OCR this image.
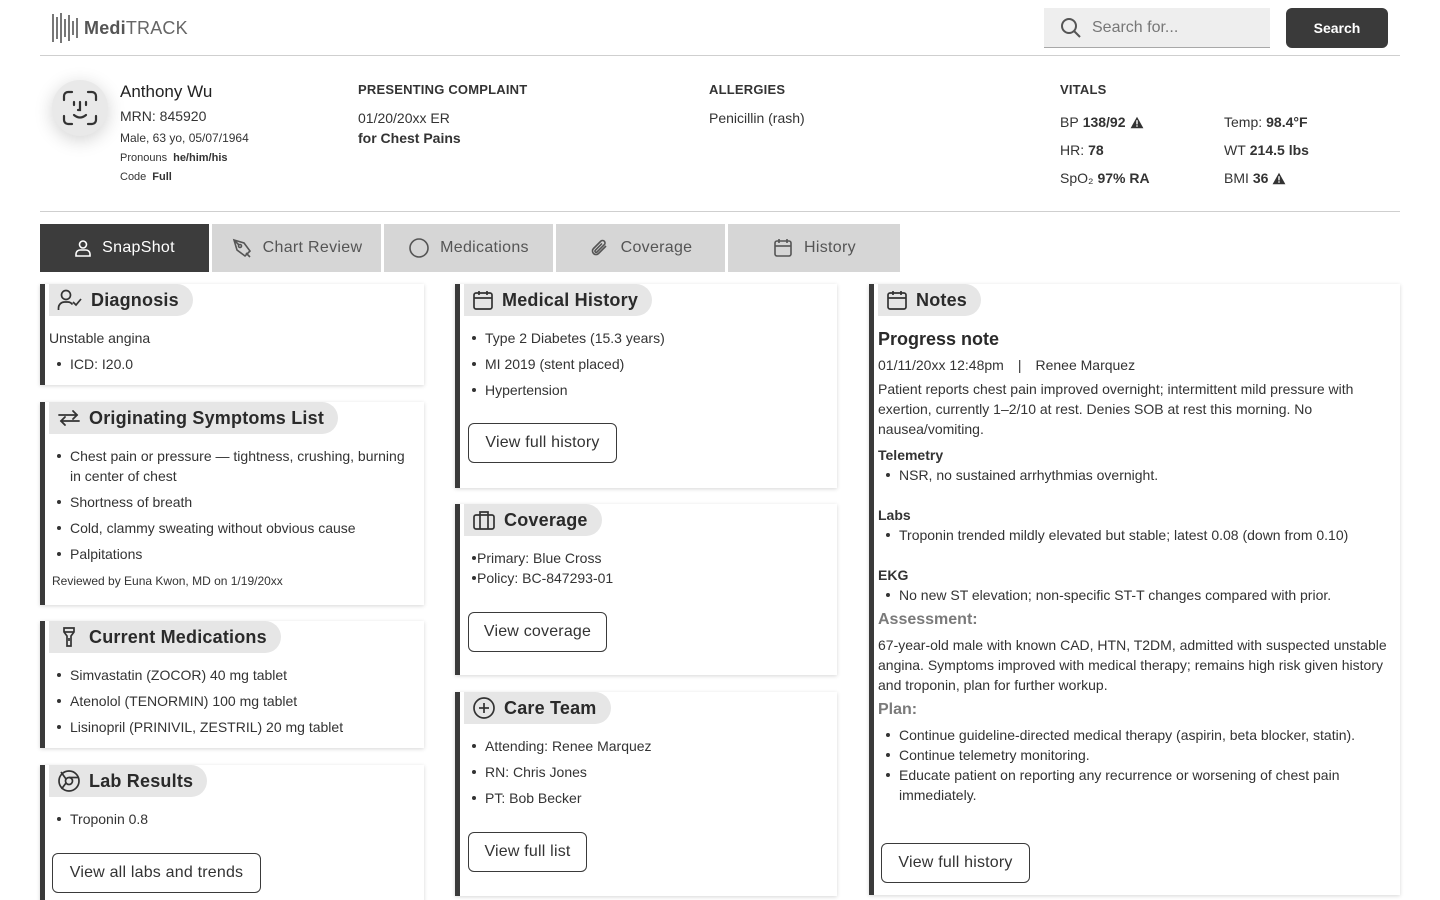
MediTRACK
Search for...	Search
Anthony Wu
MRN: 845920
Male, 63 yo, 05/07/1964
Pronouns he/him/his
Code Full
PRESENTING COMPLAINT
01/20/20xx ER
for Chest Pains
ALLERGIES
Penicillin (rash)
VITALS
BP 138/92	Temp: 98.4°F
HR: 78	WT 214.5 lbs
SpO₂ 97% RA	BMI 36
SnapShot	Chart Review	Medications	Coverage	History
Diagnosis
Unstable angina
ICD: I20.0
Originating Symptoms List
Chest pain or pressure — tightness, crushing, burning in center of chest
Shortness of breath
Cold, clammy sweating without obvious cause
Palpitations
Reviewed by Euna Kwon, MD on 1/19/20xx
Current Medications
Simvastatin (ZOCOR) 40 mg tablet
Atenolol (TENORMIN) 100 mg tablet
Lisinopril (PRINIVIL, ZESTRIL) 20 mg tablet
Lab Results
Troponin 0.8
View all labs and trends
Medical History
Type 2 Diabetes (15.3 years)
MI 2019 (stent placed)
Hypertension
View full history
Coverage
Primary: Blue Cross
Policy: BC-847293-01
View coverage
Care Team
Attending: Renee Marquez
RN: Chris Jones
PT: Bob Becker
View full list
Notes
Progress note
01/11/20xx 12:48pm | Renee Marquez
Patient reports chest pain improved overnight; intermittent mild pressure with exertion, currently 1–2/10 at rest. Denies SOB at rest this morning. No nausea/vomiting.
Telemetry
NSR, no sustained arrhythmias overnight.
Labs
Troponin trended mildly elevated but stable; latest 0.08 (down from 0.10)
EKG
No new ST elevation; non-specific ST-T changes compared with prior.
Assessment:
67-year-old male with known CAD, HTN, T2DM, admitted with suspected unstable angina. Symptoms improved with medical therapy; remains high risk given history and troponin, plan for further workup.
Plan:
Continue guideline-directed medical therapy (aspirin, beta blocker, statin).
Continue telemetry monitoring.
Educate patient on reporting any recurrence or worsening of chest pain immediately.
View full history
